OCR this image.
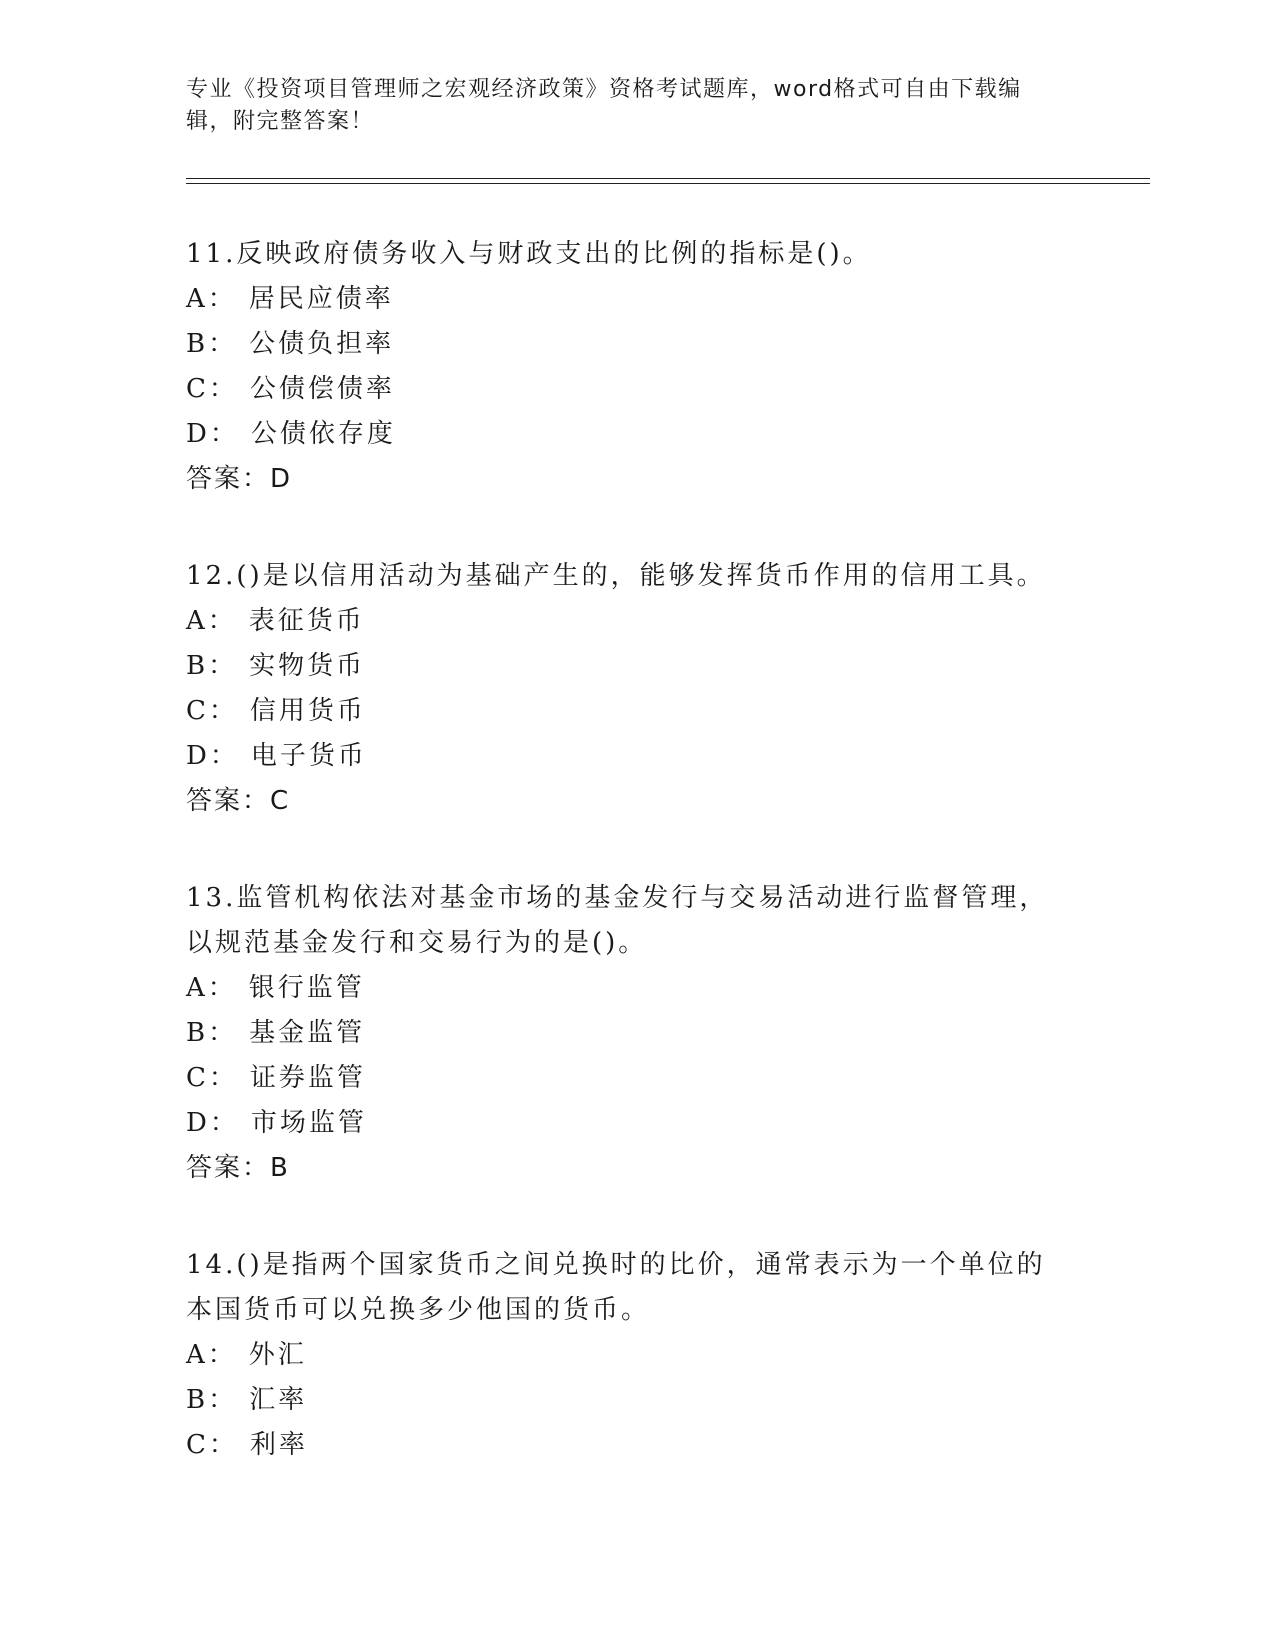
专业《投资项目管理师之宏观经济政策》资格考试题库，word格式可自由下载编辑，附完整答案！
11.反映政府债务收入与财政支出的比例的指标是()。
A： 居民应债率
B： 公债负担率
C： 公债偿债率
D： 公债依存度
答案：D
12.()是以信用活动为基础产生的，能够发挥货币作用的信用工具。
A： 表征货币
B： 实物货币
C： 信用货币
D： 电子货币
答案：C
13.监管机构依法对基金市场的基金发行与交易活动进行监督管理，以规范基金发行和交易行为的是()。
A： 银行监管
B： 基金监管
C： 证券监管
D： 市场监管
答案：B
14.()是指两个国家货币之间兑换时的比价，通常表示为一个单位的本国货币可以兑换多少他国的货币。
A： 外汇
B： 汇率
C： 利率
